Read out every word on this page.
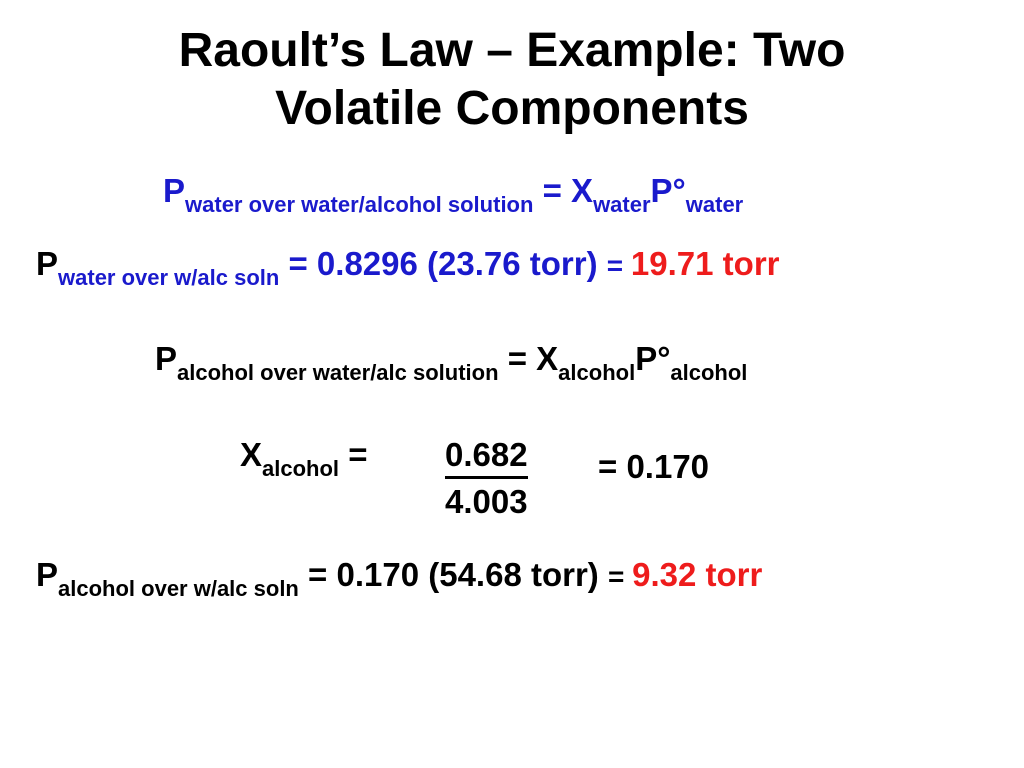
Raoult’s Law – Example: Two
Volatile Components
$P_{water over water/alcohol solution} = X_{water}P^\circ_{water}$
$P_{water over w/alc soln} = 0.8296$ (23.76 torr) = 19.71 torr
$P_{alcohol over water/alc solution} = X_{alcohol}P^\circ_{alcohol}$
$X_{alcohol} = \frac{0.682}{4.003} = 0.170$
$P_{alcohol over w/alc soln} = 0.170$ (54.68 torr) = 9.32 torr
